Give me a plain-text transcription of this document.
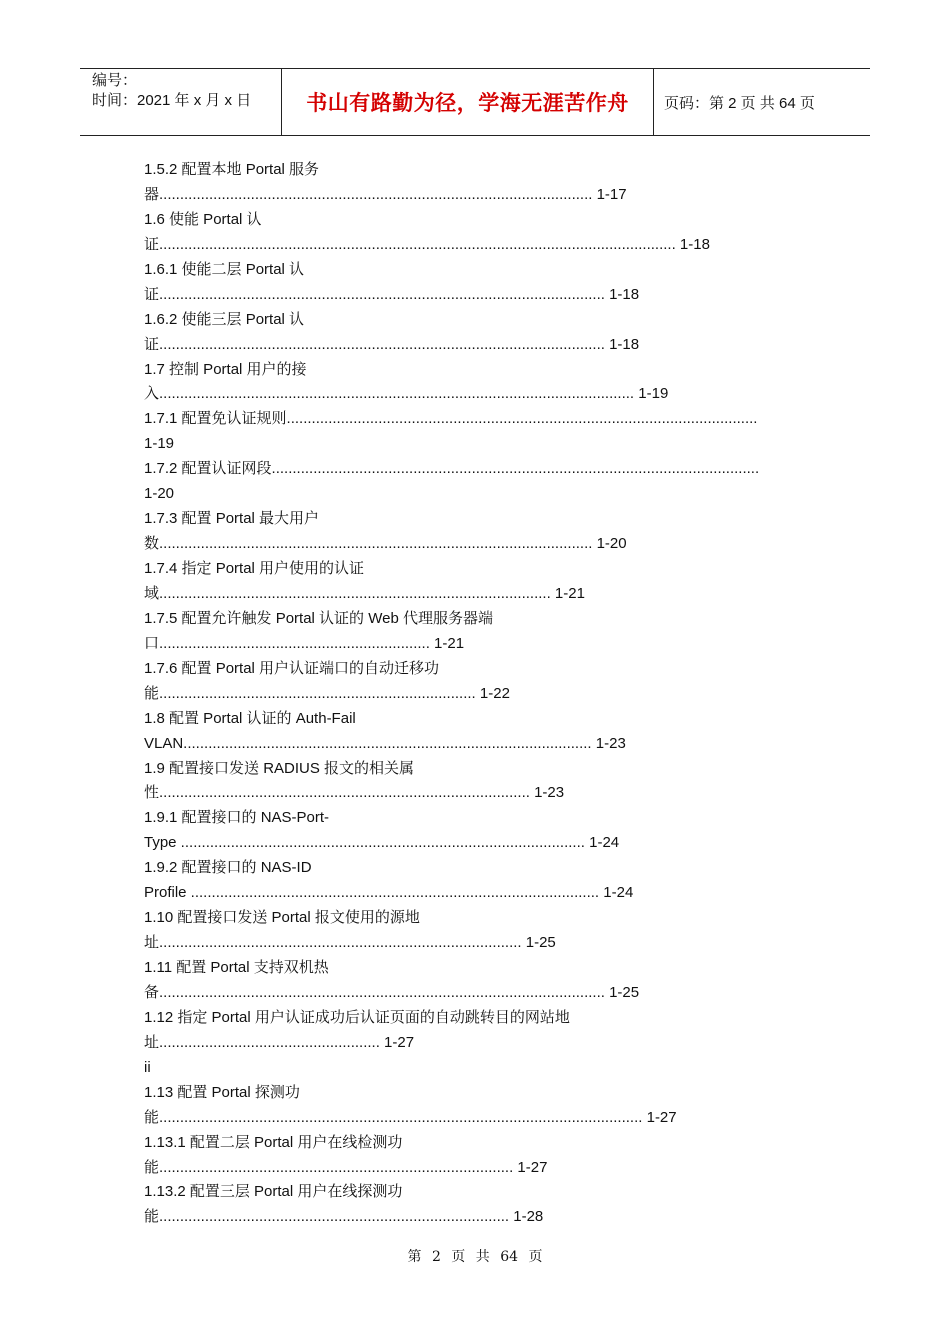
编号：
时间：2021 年 x 月 x 日	书山有路勤为径，学海无涯苦作舟 页码：第 2 页 共 64 页
1.5.2 配置本地 Portal 服务
器........................................................................................................ 1-17
1.6 使能 Portal 认
证............................................................................................................................ 1-18
1.6.1 使能二层 Portal 认
证........................................................................................................... 1-18
1.6.2 使能三层 Portal 认
证........................................................................................................... 1-18
1.7 控制 Portal 用户的接
入.................................................................................................................. 1-19
1.7.1 配置免认证规则.................................................................................................................
1-19
1.7.2 配置认证网段.....................................................................................................................
1-20
1.7.3 配置 Portal 最大用户
数........................................................................................................ 1-20
1.7.4 指定 Portal 用户使用的认证
域.............................................................................................. 1-21
1.7.5 配置允许触发 Portal 认证的 Web 代理服务器端
口................................................................. 1-21
1.7.6 配置 Portal 用户认证端口的自动迁移功
能............................................................................ 1-22
1.8 配置 Portal 认证的 Auth-Fail
VLAN.................................................................................................. 1-23
1.9 配置接口发送 RADIUS 报文的相关属
性......................................................................................... 1-23
1.9.1 配置接口的 NAS-Port-
Type ................................................................................................. 1-24
1.9.2 配置接口的 NAS-ID
Profile .................................................................................................. 1-24
1.10 配置接口发送 Portal 报文使用的源地
址....................................................................................... 1-25
1.11 配置 Portal 支持双机热
备........................................................................................................... 1-25
1.12 指定 Portal 用户认证成功后认证页面的自动跳转目的网站地
址..................................................... 1-27
ii
1.13 配置 Portal 探测功
能.................................................................................................................... 1-27
1.13.1 配置二层 Portal 用户在线检测功
能..................................................................................... 1-27
1.13.2 配置三层 Portal 用户在线探测功
能.................................................................................... 1-28
第 2 页 共 64 页
